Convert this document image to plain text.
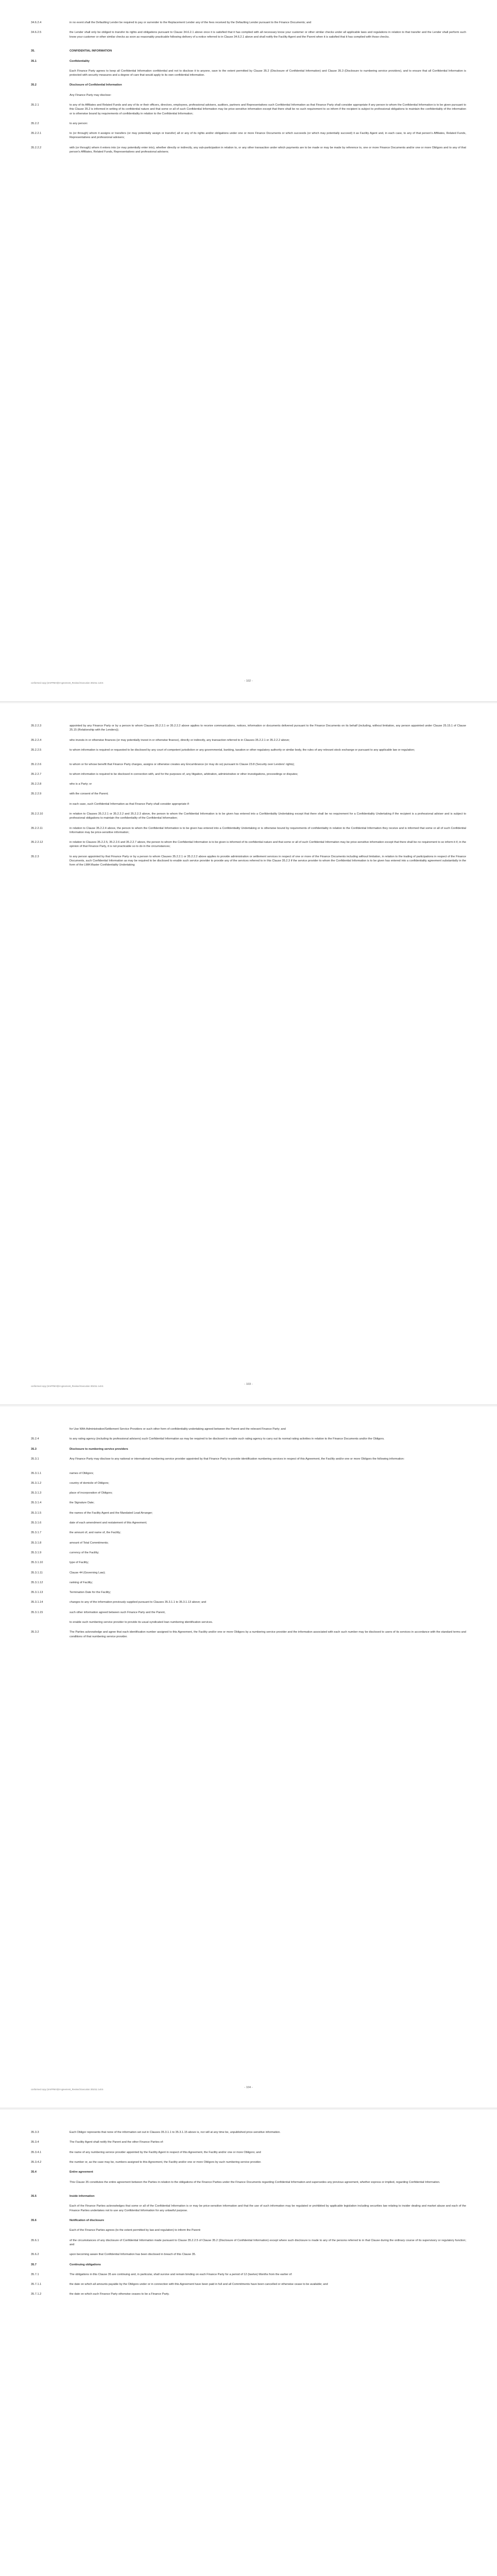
34.6.2.4	in no event shall the Defaulting Lender be required to pay or surrender to the Replacement Lender any of the fees received by the Defaulting Lender pursuant to the Finance Documents; and
34.6.2.5	the Lender shall only be obliged to transfer its rights and obligations pursuant to Clause 34.6.2.1 above once it is satisfied that it has complied with all necessary know your customer or other similar checks under all applicable laws and regulations in relation to that transfer and the Lender shall perform such know your customer or other similar checks as soon as reasonably practicable following delivery of a notice referred to in Clause 34.6.2.1 above and shall notify the Facility Agent and the Parent when it is satisfied that it has complied with those checks.
35.	CONFIDENTIAL INFORMATION
35.1	Confidentiality
Each Finance Party agrees to keep all Confidential Information confidential and not to disclose it to anyone, save to the extent permitted by Clause 35.2 (Disclosure of Confidential Information) and Clause 35.3 (Disclosure to numbering service providers), and to ensure that all Confidential Information is protected with security measures and a degree of care that would apply to its own confidential information.
35.2	Disclosure of Confidential Information
Any Finance Party may disclose:
35.2.1	to any of its Affiliates and Related Funds and any of its or their officers, directors, employees, professional advisers, auditors, partners and Representatives such Confidential Information as that Finance Party shall consider appropriate if any person to whom the Confidential Information is to be given pursuant to this Clause 35.2 is informed in writing of its confidential nature and that some or all of such Confidential Information may be price-sensitive information except that there shall be no such requirement to so inform if the recipient is subject to professional obligations to maintain the confidentiality of the information or is otherwise bound by requirements of confidentiality in relation to the Confidential Information;
35.2.2	to any person:
35.2.2.1	to (or through) whom it assigns or transfers (or may potentially assign or transfer) all or any of its rights and/or obligations under one or more Finance Documents or which succeeds (or which may potentially succeed) it as Facility Agent and, in each case, to any of that person's Affiliates, Related Funds, Representatives and professional advisers;
35.2.2.2	with (or through) whom it enters into (or may potentially enter into), whether directly or indirectly, any sub-participation in relation to, or any other transaction under which payments are to be made or may be made by reference to, one or more Finance Documents and/or one or more Obligors and to any of that person's Affiliates, Related Funds, Representatives and professional advisers;
conformed copy (SAIFRM B)9 Agreement_Revised Execution 301011 1x0.5
- 102 -
35.2.2.3	appointed by any Finance Party or by a person to whom Clauses 35.2.2.1 or 35.2.2.2 above applies to receive communications, notices, information or documents delivered pursuant to the Finance Documents on its behalf (including, without limitation, any person appointed under Clause 25.15.1 of Clause 25.15 (Relationship with the Lenders));
35.2.2.4	who invests in or otherwise finances (or may potentially invest in or otherwise finance), directly or indirectly, any transaction referred to in Clauses 35.2.2.1 or 35.2.2.2 above;
35.2.2.5	to whom information is required or requested to be disclosed by any court of competent jurisdiction or any governmental, banking, taxation or other regulatory authority or similar body, the rules of any relevant stock exchange or pursuant to any applicable law or regulation;
35.2.2.6	to whom or for whose benefit that Finance Party charges, assigns or otherwise creates any Encumbrance (or may do so) pursuant to Clause 23.8 (Security over Lenders' rights);
35.2.2.7	to whom information is required to be disclosed in connection with, and for the purposes of, any litigation, arbitration, administrative or other investigations, proceedings or disputes;
35.2.2.8	who is a Party; or
35.2.2.9	with the consent of the Parent;
in each case, such Confidential Information as that Finance Party shall consider appropriate if:
35.2.2.10	in relation to Clauses 35.2.2.1 or 35.2.2.2 and 35.2.2.3 above, the person to whom the Confidential Information is to be given has entered into a Confidentiality Undertaking except that there shall be no requirement for a Confidentiality Undertaking if the recipient is a professional adviser and is subject to professional obligations to maintain the confidentiality of the Confidential Information;
35.2.2.11	in relation to Clause 35.2.2.4 above, the person to whom the Confidential Information is to be given has entered into a Confidentiality Undertaking or is otherwise bound by requirements of confidentiality in relation to the Confidential Information they receive and is informed that some or all of such Confidential Information may be price-sensitive information;
35.2.2.12	in relation to Clauses 35.2.2.5, 35.2.2.6 and 35.2.2.7 above, the person to whom the Confidential Information is to be given is informed of its confidential nature and that some or all of such Confidential Information may be price-sensitive information except that there shall be no requirement to so inform it if, in the opinion of that Finance Party, it is not practicable so to do in the circumstances;
35.2.3	to any person appointed by that Finance Party or by a person to whom Clauses 35.2.2.1 or 35.2.2.2 above applies to provide administration or settlement services in respect of one or more of the Finance Documents including without limitation, in relation to the trading of participations in respect of the Finance Documents, such Confidential Information as may be required to be disclosed to enable such service provider to provide any of the services referred to in this Clause 35.2.3 if the service provider to whom the Confidential Information is to be given has entered into a confidentiality agreement substantially in the form of the LMA Master Confidentiality Undertaking
conformed copy (SAIFRM B)9 Agreement_Revised Execution 301011 1x0.5
- 103 -
for Use With Administration/Settlement Service Providers or such other form of confidentiality undertaking agreed between the Parent and the relevant Finance Party; and
35.2.4	to any rating agency (including its professional advisers) such Confidential Information as may be required to be disclosed to enable such rating agency to carry out its normal rating activities in relation to the Finance Documents and/or the Obligors.
35.3	Disclosure to numbering service providers
35.3.1	Any Finance Party may disclose to any national or international numbering service provider appointed by that Finance Party to provide identification numbering services in respect of this Agreement, the Facility and/or one or more Obligors the following information:
35.3.1.1	names of Obligors;
35.3.1.2	country of domicile of Obligors;
35.3.1.3	place of incorporation of Obligors;
35.3.1.4	the Signature Date;
35.3.1.5	the names of the Facility Agent and the Mandated Lead Arranger;
35.3.1.6	date of each amendment and restatement of this Agreement;
35.3.1.7	the amount of, and name of, the Facility;
35.3.1.8	amount of Total Commitments;
35.3.1.9	currency of the Facility;
35.3.1.10	type of Facility;
35.3.1.11	Clause 44 (Governing Law);
35.3.1.12	ranking of Facility;
35.3.1.13	Termination Date for the Facility;
35.3.1.14	changes to any of the information previously supplied pursuant to Clauses 35.3.1.1 to 35.3.1.13 above; and
35.3.1.15	such other information agreed between such Finance Party and the Parent,
to enable such numbering service provider to provide its usual syndicated loan numbering identification services.
35.3.2	The Parties acknowledge and agree that each identification number assigned to this Agreement, the Facility and/or one or more Obligors by a numbering service provider and the information associated with each such number may be disclosed to users of its services in accordance with the standard terms and conditions of that numbering service provider.
conformed copy (SAIFRM B)9 Agreement_Revised Execution 301011 1x0.5
- 104 -
35.3.3	Each Obligor represents that none of the information set out in Clauses 35.3.1.1 to 35.3.1.15 above is, nor will at any time be, unpublished price-sensitive information.
35.3.4	The Facility Agent shall notify the Parent and the other Finance Parties of:
35.3.4.1	the name of any numbering service provider appointed by the Facility Agent in respect of this Agreement, the Facility and/or one or more Obligors; and
35.3.4.2	the number or, as the case may be, numbers assigned to this Agreement, the Facility and/or one or more Obligors by such numbering service provider.
35.4	Entire agreement
This Clause 35 constitutes the entire agreement between the Parties in relation to the obligations of the Finance Parties under the Finance Documents regarding Confidential Information and supersedes any previous agreement, whether express or implied, regarding Confidential Information.
35.5	Inside information
Each of the Finance Parties acknowledges that some or all of the Confidential Information is or may be price-sensitive information and that the use of such information may be regulated or prohibited by applicable legislation including securities law relating to insider dealing and market abuse and each of the Finance Parties undertakes not to use any Confidential Information for any unlawful purpose.
35.6	Notification of disclosure
Each of the Finance Parties agrees (to the extent permitted by law and regulation) to inform the Parent:
35.6.1	of the circumstances of any disclosure of Confidential Information made pursuant to Clause 35.2.2.5 of Clause 35.2 (Disclosure of Confidential Information) except where such disclosure is made to any of the persons referred to in that Clause during the ordinary course of its supervisory or regulatory function; and
35.6.2	upon becoming aware that Confidential Information has been disclosed in breach of this Clause 35.
35.7	Continuing obligations
35.7.1	The obligations in this Clause 35 are continuing and, in particular, shall survive and remain binding on each Finance Party for a period of 12 (twelve) Months from the earlier of:
35.7.1.1	the date on which all amounts payable by the Obligors under or in connection with this Agreement have been paid in full and all Commitments have been cancelled or otherwise cease to be available; and
35.7.1.2	the date on which such Finance Party otherwise ceases to be a Finance Party.
